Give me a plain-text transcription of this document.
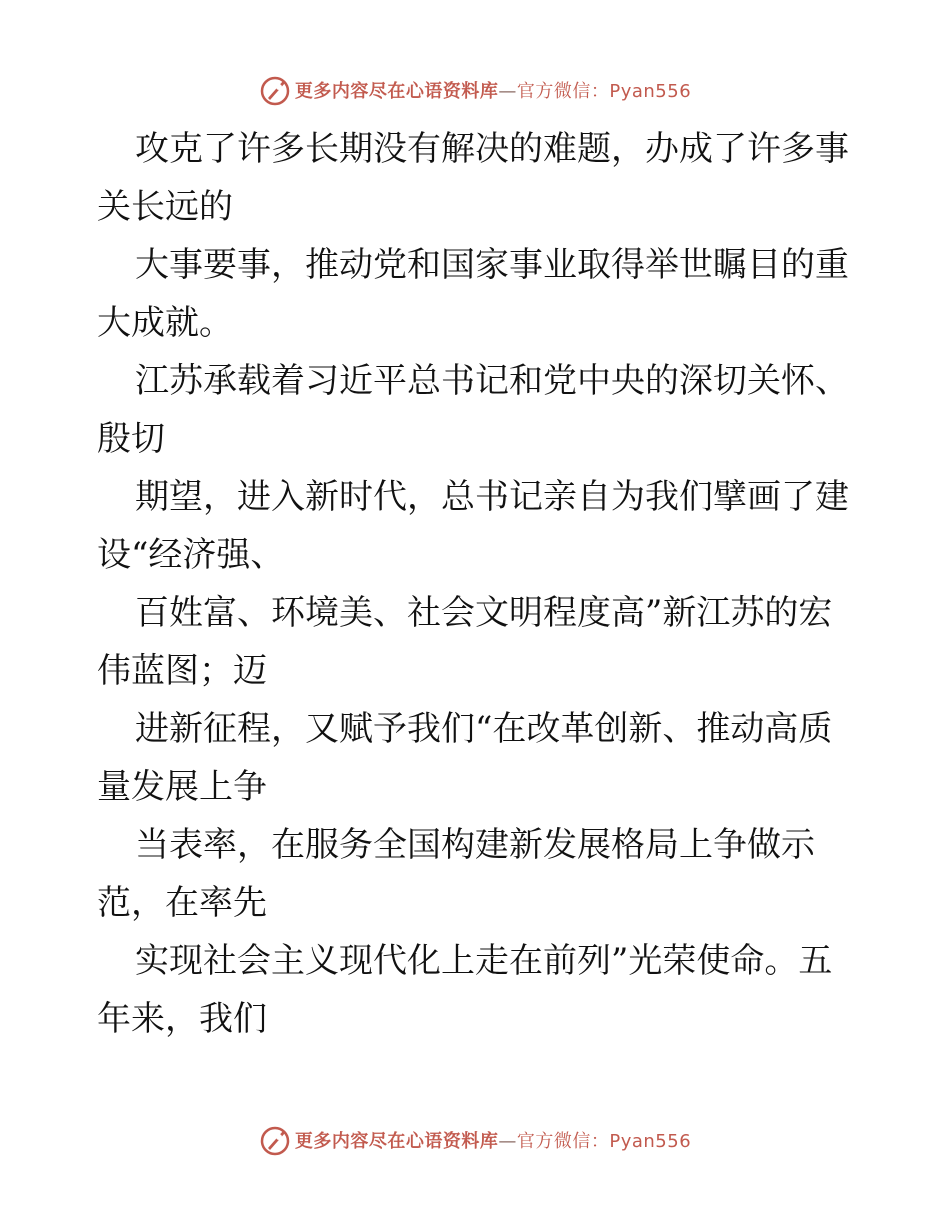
更多内容尽在心语资料库—官方微信：Pyan556
攻克了许多长期没有解决的难题，办成了许多事
关长远的
大事要事，推动党和国家事业取得举世瞩目的重
大成就。
江苏承载着习近平总书记和党中央的深切关怀、
殷切
期望，进入新时代，总书记亲自为我们擘画了建
设“经济强、
百姓富、环境美、社会文明程度高”新江苏的宏
伟蓝图；迈
进新征程，又赋予我们“在改革创新、推动高质
量发展上争
当表率，在服务全国构建新发展格局上争做示
范，在率先
实现社会主义现代化上走在前列”光荣使命。五
年来，我们
更多内容尽在心语资料库—官方微信：Pyan556
